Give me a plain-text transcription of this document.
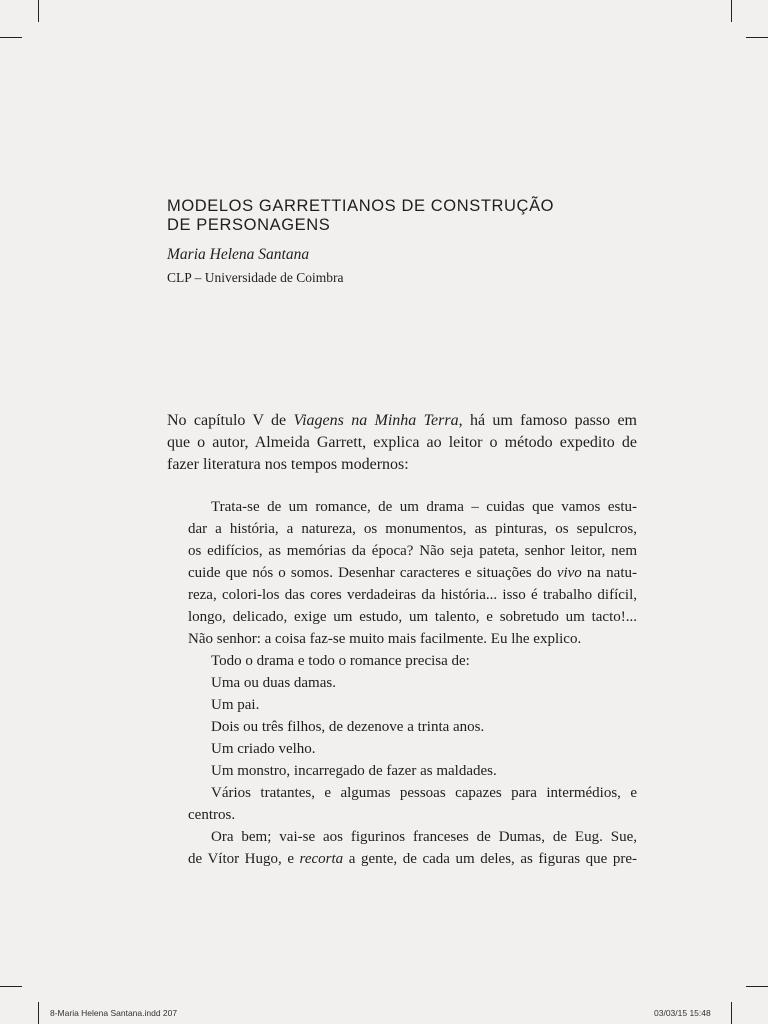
MODELOS GARRETTIANOS DE CONSTRUÇÃO
DE PERSONAGENS

Maria Helena Santana

CLP – Universidade de Coimbra

No capítulo V de Viagens na Minha Terra, há um famoso passo em
que o autor, Almeida Garrett, explica ao leitor o método expedito de
fazer literatura nos tempos modernos:
Trata-se de um romance, de um drama – cuidas que vamos estu-
dar a história, a natureza, os monumentos, as pinturas, os sepulcros,
os edifícios, as memórias da época? Não seja pateta, senhor leitor, nem
cuide que nós o somos. Desenhar caracteres e situações do vivo na natu-
reza, colori-los das cores verdadeiras da história... isso é trabalho difícil,
longo, delicado, exige um estudo, um talento, e sobretudo um tacto!...
Não senhor: a coisa faz-se muito mais facilmente. Eu lhe explico.
Todo o drama e todo o romance precisa de:
Uma ou duas damas.
Um pai.
Dois ou três filhos, de dezenove a trinta anos.
Um criado velho.
Um monstro, incarregado de fazer as maldades.
Vários tratantes, e algumas pessoas capazes para intermédios, e
centros.
Ora bem; vai-se aos figurinos franceses de Dumas, de Eug. Sue,
de Vítor Hugo, e recorta a gente, de cada um deles, as figuras que pre-
8-Maria Helena Santana.indd 207	03/03/15 15:48
